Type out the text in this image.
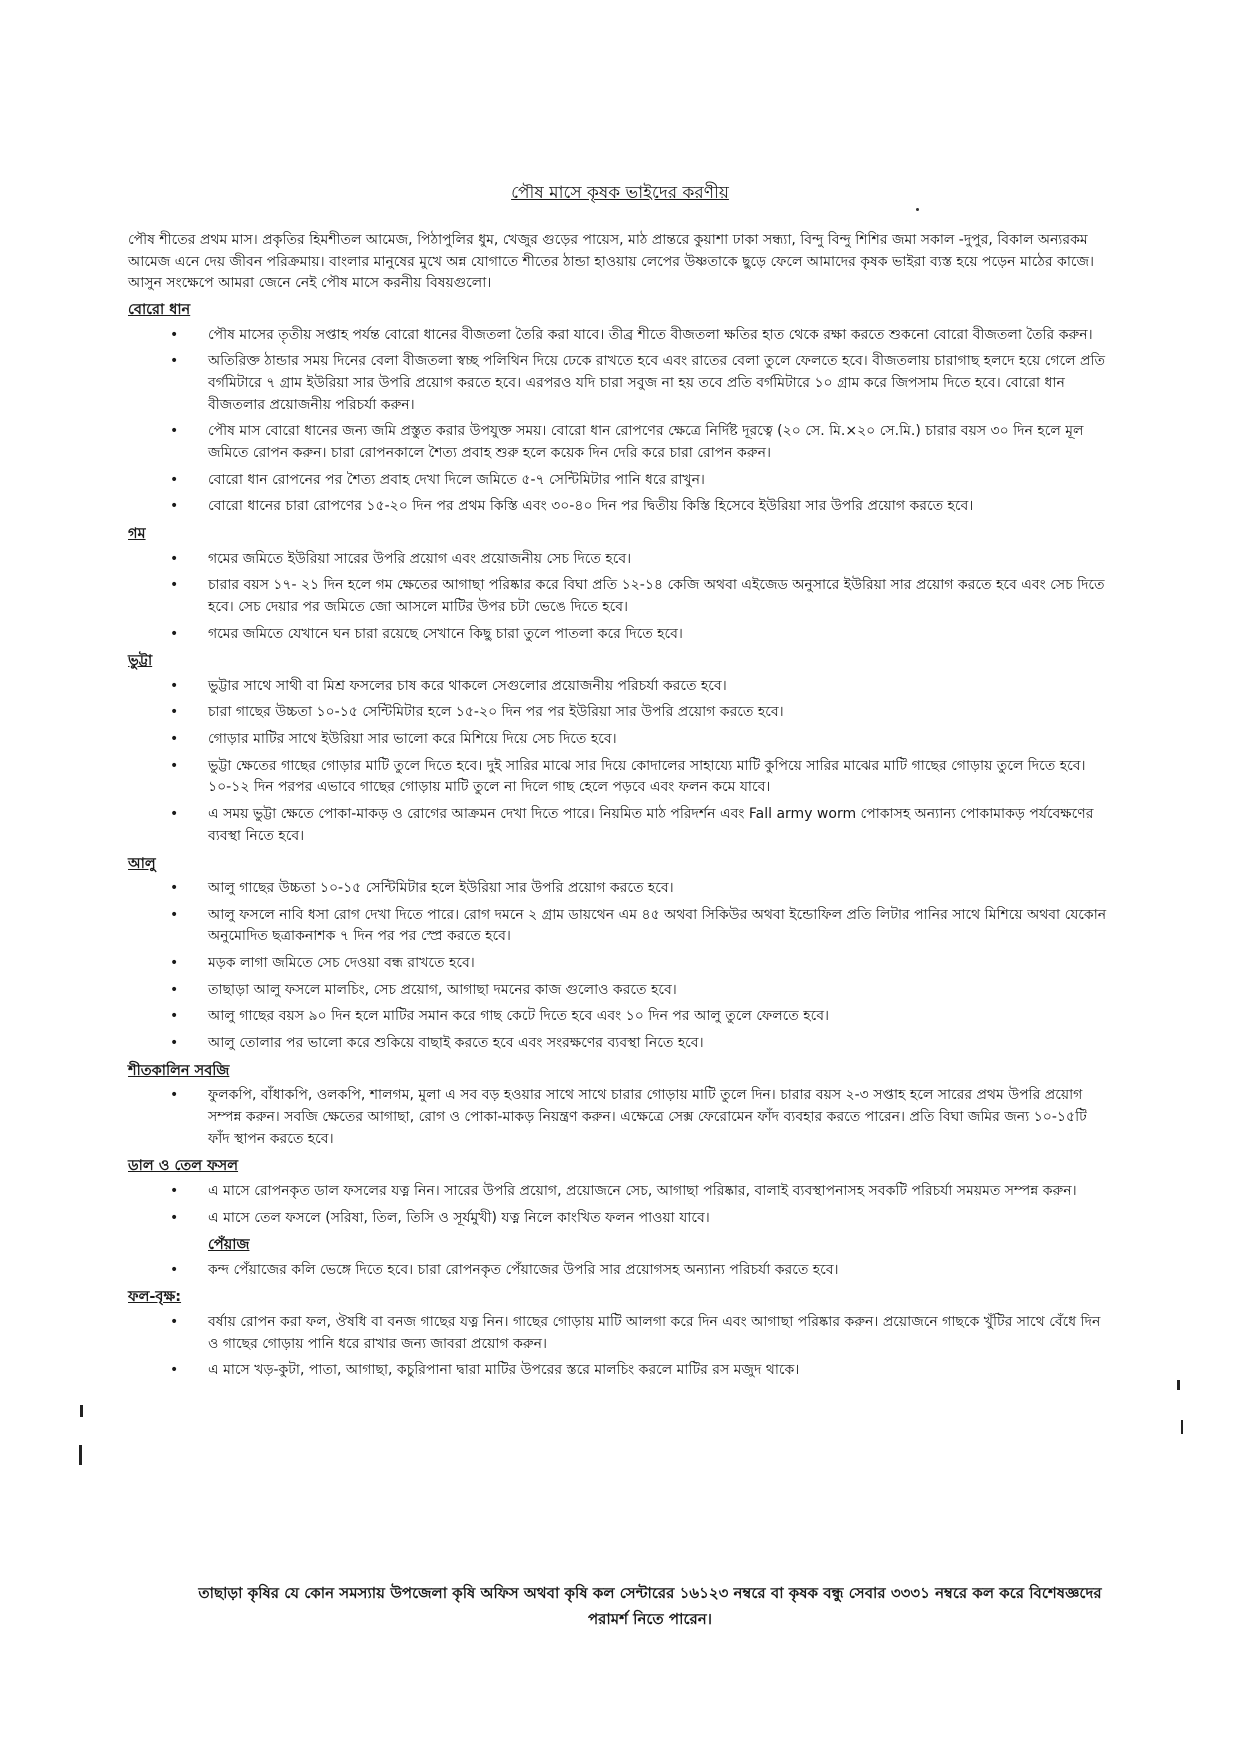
পৌষ মাসে কৃষক ভাইদের করণীয়

পৌষ শীতের প্রথম মাস। প্রকৃতির হিমশীতল আমেজ, পিঠাপুলির ধুম, খেজুর গুড়ের পায়েস, মাঠ প্রান্তরে কুয়াশা ঢাকা সন্ধ্যা, বিন্দু বিন্দু শিশির জমা সকাল -দুপুর, বিকাল অন্যরকম আমেজ এনে দেয় জীবন পরিক্রমায়। বাংলার মানুষের মুখে অন্ন যোগাতে শীতের ঠান্ডা হাওয়ায় লেপের উষ্ণতাকে ছুড়ে ফেলে আমাদের কৃষক ভাইরা ব্যস্ত হয়ে পড়েন মাঠের কাজে। আসুন সংক্ষেপে আমরা জেনে নেই পৌষ মাসে করনীয় বিষয়গুলো।

বোরো ধান
• পৌষ মাসের তৃতীয় সপ্তাহ পর্যন্ত বোরো ধানের বীজতলা তৈরি করা যাবে। তীব্র শীতে বীজতলা ক্ষতির হাত থেকে রক্ষা করতে শুকনো বোরো বীজতলা তৈরি করুন।
• অতিরিক্ত ঠান্ডার সময় দিনের বেলা বীজতলা স্বচ্ছ পলিথিন দিয়ে ঢেকে রাখতে হবে এবং রাতের বেলা তুলে ফেলতে হবে। বীজতলায় চারাগাছ হলদে হয়ে গেলে প্রতি বর্গমিটারে ৭ গ্রাম ইউরিয়া সার উপরি প্রয়োগ করতে হবে। এরপরও যদি চারা সবুজ না হয় তবে প্রতি বর্গমিটারে ১০ গ্রাম করে জিপসাম দিতে হবে। বোরো ধান বীজতলার প্রয়োজনীয় পরিচর্যা করুন।
• পৌষ মাস বোরো ধানের জন্য জমি প্রস্তুত করার উপযুক্ত সময়। বোরো ধান রোপণের ক্ষেত্রে নির্দিষ্ট দূরত্বে (২০ সে. মি.×২০ সে.মি.) চারার বয়স ৩০ দিন হলে মূল জমিতে রোপন করুন। চারা রোপনকালে শৈত্য প্রবাহ শুরু হলে কয়েক দিন দেরি করে চারা রোপন করুন।
• বোরো ধান রোপনের পর শৈত্য প্রবাহ দেখা দিলে জমিতে ৫-৭ সেন্টিমিটার পানি ধরে রাখুন।
• বোরো ধানের চারা রোপণের ১৫-২০ দিন পর প্রথম কিস্তি এবং ৩০-৪০ দিন পর দ্বিতীয় কিস্তি হিসেবে ইউরিয়া সার উপরি প্রয়োগ করতে হবে।
গম
• গমের জমিতে ইউরিয়া সারের উপরি প্রয়োগ এবং প্রয়োজনীয় সেচ দিতে হবে।
• চারার বয়স ১৭- ২১ দিন হলে গম ক্ষেতের আগাছা পরিষ্কার করে বিঘা প্রতি ১২-১৪ কেজি অথবা এইজেড অনুসারে ইউরিয়া সার প্রয়োগ করতে হবে এবং সেচ দিতে হবে। সেচ দেয়ার পর জমিতে জো আসলে মাটির উপর চটা ভেঙে দিতে হবে।
• গমের জমিতে যেখানে ঘন চারা রয়েছে সেখানে কিছু চারা তুলে পাতলা করে দিতে হবে।
ভুট্টা
• ভুট্টার সাথে সাথী বা মিশ্র ফসলের চাষ করে থাকলে সেগুলোর প্রয়োজনীয় পরিচর্যা করতে হবে।
• চারা গাছের উচ্চতা ১০-১৫ সেন্টিমিটার হলে ১৫-২০ দিন পর পর ইউরিয়া সার উপরি প্রয়োগ করতে হবে।
• গোড়ার মাটির সাথে ইউরিয়া সার ভালো করে মিশিয়ে দিয়ে সেচ দিতে হবে।
• ভুট্টা ক্ষেতের গাছের গোড়ার মাটি তুলে দিতে হবে। দুই সারির মাঝে সার দিয়ে কোদালের সাহায্যে মাটি কুপিয়ে সারির মাঝের মাটি গাছের গোড়ায় তুলে দিতে হবে। ১০-১২ দিন পরপর এভাবে গাছের গোড়ায় মাটি তুলে না দিলে গাছ হেলে পড়বে এবং ফলন কমে যাবে।
• এ সময় ভুট্টা ক্ষেতে পোকা-মাকড় ও রোগের আক্রমন দেখা দিতে পারে। নিয়মিত মাঠ পরিদর্শন এবং Fall army worm পোকাসহ অন্যান্য পোকামাকড় পর্যবেক্ষণের ব্যবস্থা নিতে হবে।
আলু
• আলু গাছের উচ্চতা ১০-১৫ সেন্টিমিটার হলে ইউরিয়া সার উপরি প্রয়োগ করতে হবে।
• আলু ফসলে নাবি ধসা রোগ দেখা দিতে পারে। রোগ দমনে ২ গ্রাম ডায়থেন এম ৪৫ অথবা সিকিউর অথবা ইন্ডোফিল প্রতি লিটার পানির সাথে মিশিয়ে অথবা যেকোন অনুমোদিত ছত্রাকনাশক ৭ দিন পর পর স্প্রে করতে হবে।
• মড়ক লাগা জমিতে সেচ দেওয়া বন্ধ রাখতে হবে।
• তাছাড়া আলু ফসলে মালচিং, সেচ প্রয়োগ, আগাছা দমনের কাজ গুলোও করতে হবে।
• আলু গাছের বয়স ৯০ দিন হলে মাটির সমান করে গাছ কেটে দিতে হবে এবং ১০ দিন পর আলু তুলে ফেলতে হবে।
• আলু তোলার পর ভালো করে শুকিয়ে বাছাই করতে হবে এবং সংরক্ষণের ব্যবস্থা নিতে হবে।
শীতকালিন সবজি
• ফুলকপি, বাঁধাকপি, ওলকপি, শালগম, মুলা এ সব বড় হওয়ার সাথে সাথে চারার গোড়ায় মাটি তুলে দিন। চারার বয়স ২-৩ সপ্তাহ হলে সারের প্রথম উপরি প্রয়োগ সম্পন্ন করুন। সবজি ক্ষেতের আগাছা, রোগ ও পোকা-মাকড় নিয়ন্ত্রণ করুন। এক্ষেত্রে সেক্স ফেরোমেন ফাঁদ ব্যবহার করতে পারেন। প্রতি বিঘা জমির জন্য ১০-১৫টি ফাঁদ স্থাপন করতে হবে।
ডাল ও তেল ফসল
• এ মাসে রোপনকৃত ডাল ফসলের যত্ন নিন। সারের উপরি প্রয়োগ, প্রয়োজনে সেচ, আগাছা পরিষ্কার, বালাই ব্যবস্থাপনাসহ সবকটি পরিচর্যা সময়মত সম্পন্ন করুন।
• এ মাসে তেল ফসলে (সরিষা, তিল, তিসি ও সূর্যমুখী) যত্ন নিলে কাংখিত ফলন পাওয়া যাবে।
পেঁয়াজ
• কন্দ পেঁয়াজের কলি ভেঙ্গে দিতে হবে। চারা রোপনকৃত পেঁয়াজের উপরি সার প্রয়োগসহ অন্যান্য পরিচর্যা করতে হবে।
ফল-বৃক্ষ:
• বর্ষায় রোপন করা ফল, ঔষধি বা বনজ গাছের যত্ন নিন। গাছের গোড়ায় মাটি আলগা করে দিন এবং আগাছা পরিষ্কার করুন। প্রয়োজনে গাছকে খুঁটির সাথে বেঁধে দিন ও গাছের গোড়ায় পানি ধরে রাখার জন্য জাবরা প্রয়োগ করুন।
• এ মাসে খড়-কুটা, পাতা, আগাছা, কচুরিপানা দ্বারা মাটির উপরের স্তরে মালচিং করলে মাটির রস মজুদ থাকে।
তাছাড়া কৃষির যে কোন সমস্যায় উপজেলা কৃষি অফিস অথবা কৃষি কল সেন্টারের ১৬১২৩ নম্বরে বা কৃষক বন্ধু সেবার ৩৩৩১ নম্বরে কল করে বিশেষজ্ঞদের পরামর্শ নিতে পারেন।
